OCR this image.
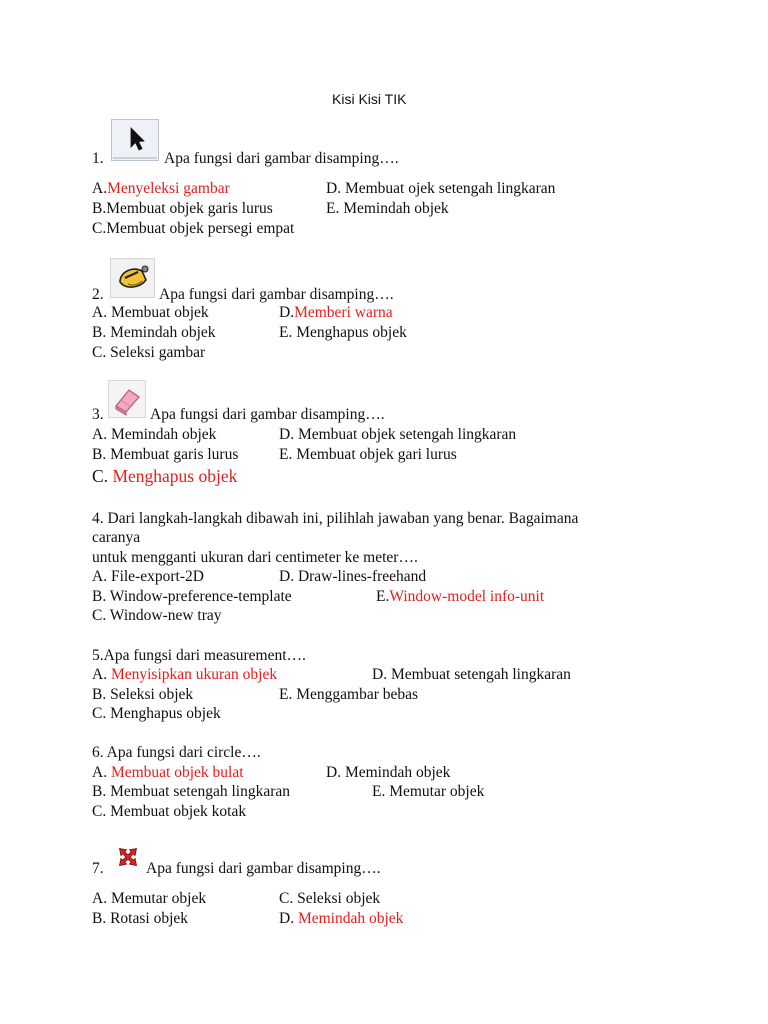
Kisi Kisi TIK
1.	Apa fungsi dari gambar disamping….
A.Menyeleksi gambar	D. Membuat ojek setengah lingkaran
B.Membuat objek garis lurus	E. Memindah objek
C.Membuat objek persegi empat
2.	Apa fungsi dari gambar disamping….
A. Membuat objek	D.Memberi warna
B. Memindah objek	E. Menghapus objek
C. Seleksi gambar
3.	Apa fungsi dari gambar disamping….
A. Memindah objek	D. Membuat objek setengah lingkaran
B. Membuat garis lurus	E. Membuat objek gari lurus
C. Menghapus objek
4. Dari langkah-langkah dibawah ini, pilihlah jawaban yang benar. Bagaimana
caranya
untuk mengganti ukuran dari centimeter ke meter….
A. File-export-2D	D. Draw-lines-freehand
B. Window-preference-template	E.Window-model info-unit
C. Window-new tray
5.Apa fungsi dari measurement….
A. Menyisipkan ukuran objek	D. Membuat setengah lingkaran
B. Seleksi objek	E. Menggambar bebas
C. Menghapus objek
6. Apa fungsi dari circle….
A. Membuat objek bulat	D. Memindah objek
B. Membuat setengah lingkaran	E. Memutar objek
C. Membuat objek kotak
7.	Apa fungsi dari gambar disamping….
A. Memutar objek	C. Seleksi objek
B. Rotasi objek	D. Memindah objek
